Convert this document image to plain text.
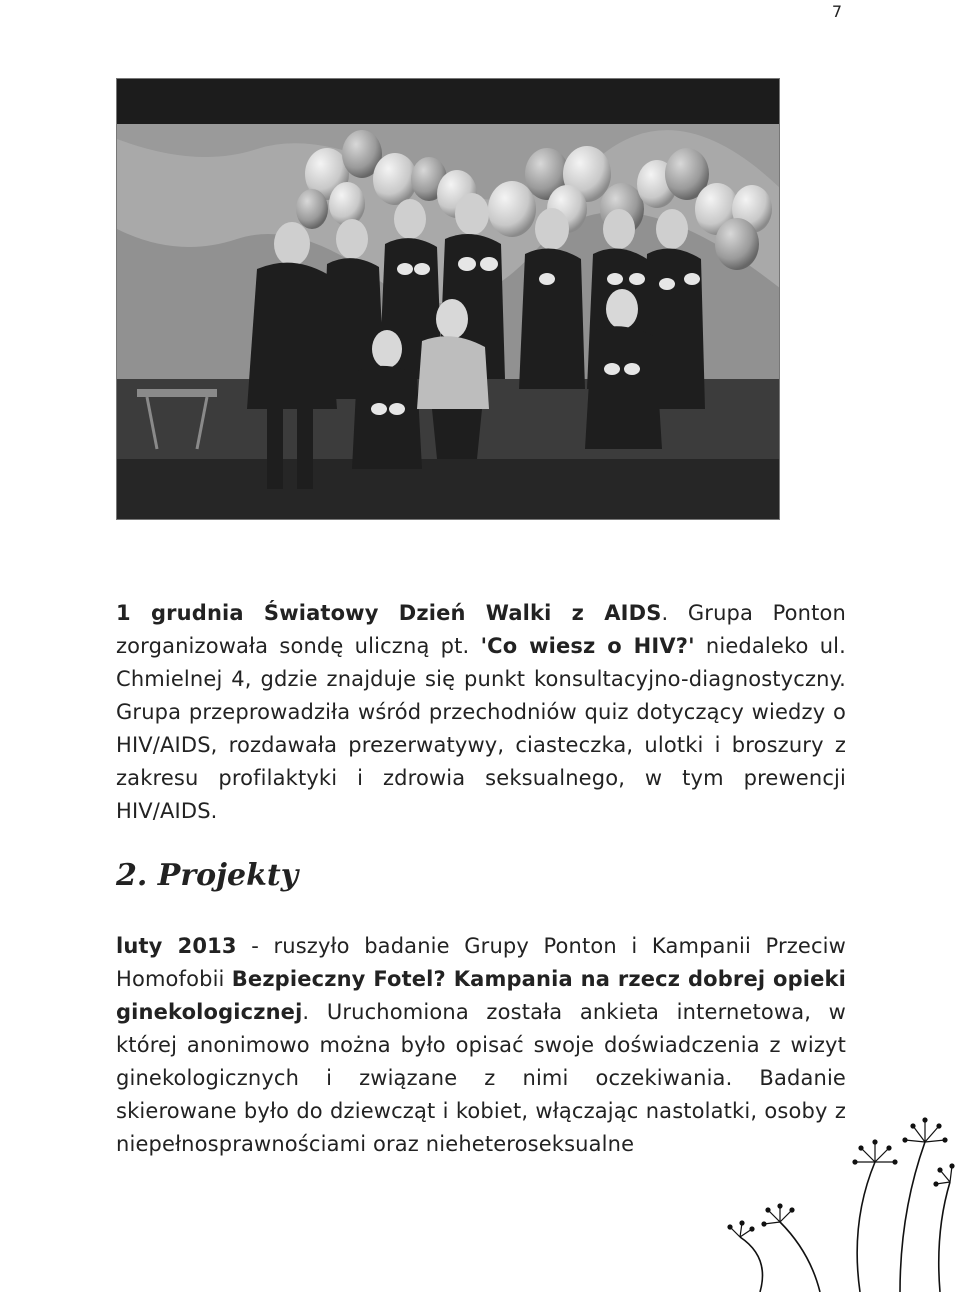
7
1 grudnia Światowy Dzień Walki z AIDS. Grupa Ponton zorganizowała sondę uliczną pt. 'Co wiesz o HIV?' niedaleko ul. Chmielnej 4, gdzie znajduje się punkt konsultacyjno-diagnostyczny. Grupa przeprowadziła wśród przechodniów quiz dotyczący wiedzy o HIV/AIDS, rozdawała prezerwatywy, ciasteczka, ulotki i broszury z zakresu profilaktyki i zdrowia seksualnego, w tym prewencji HIV/AIDS.
2. Projekty
luty 2013 - ruszyło badanie Grupy Ponton i Kampanii Przeciw Homofobii Bezpieczny Fotel? Kampania na rzecz dobrej opieki ginekologicznej. Uruchomiona została ankieta internetowa, w której anonimowo można było opisać swoje doświadczenia z wizyt ginekologicznych i związane z nimi oczekiwania. Badanie skierowane było do dziewcząt i kobiet, włączając nastolatki, osoby z niepełnosprawnościami oraz nieheteroseksualne
